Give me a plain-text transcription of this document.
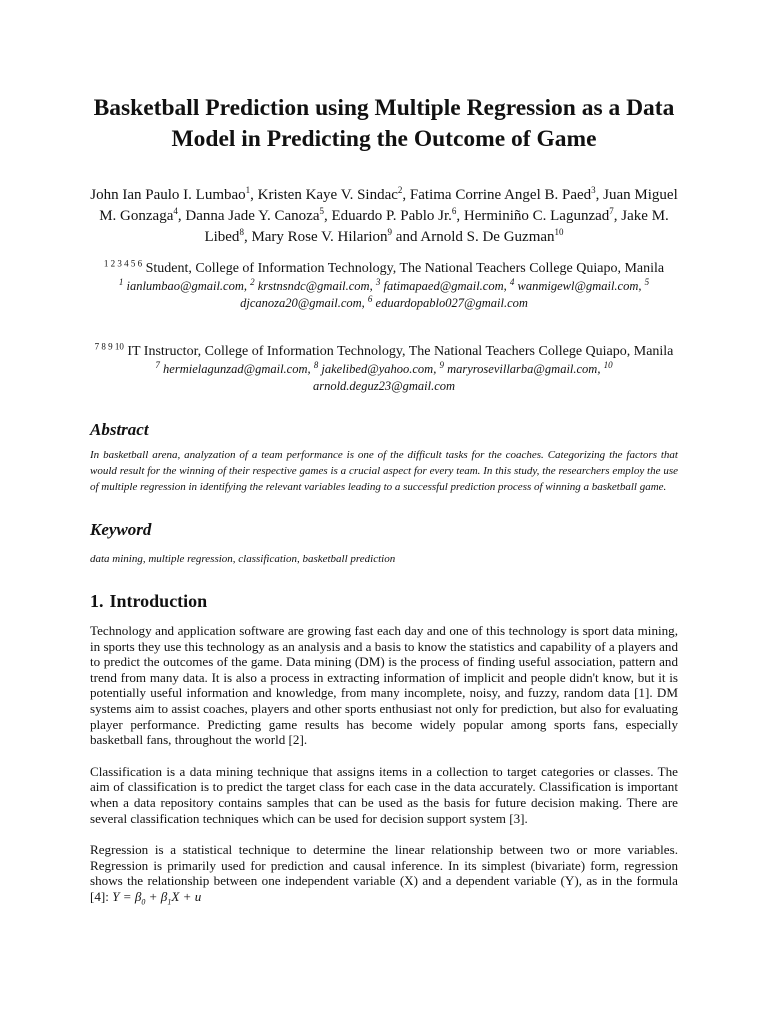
Basketball Prediction using Multiple Regression as a Data Model in Predicting the Outcome of Game
John Ian Paulo I. Lumbao$^1$, Kristen Kaye V. Sindac$^2$, Fatima Corrine Angel B. Paed$^3$, Juan Miguel M. Gonzaga$^4$, Danna Jade Y. Canoza$^5$, Eduardo P. Pablo Jr.$^6$, Herminiño C. Lagunzad$^7$, Jake M. Libed$^8$, Mary Rose V. Hilarion$^9$ and Arnold S. De Guzman$^{10}$
$^{1 2 3 4 5 6}$ Student, College of Information Technology, The National Teachers College Quiapo, Manila
$^1$ ianlumbao@gmail.com, $^2$ krstnsndc@gmail.com, $^3$ fatimapaed@gmail.com, $^4$ wanmigewl@gmail.com, $^5$ djcanoza20@gmail.com, $^6$ eduardopablo027@gmail.com
$^{7 8 9 10}$ IT Instructor, College of Information Technology, The National Teachers College Quiapo, Manila
$^7$ hermielagunzad@gmail.com, $^8$ jakelibed@yahoo.com, $^9$ maryrosevillarba@gmail.com, $^{10}$ arnold.deguz23@gmail.com
Abstract

In basketball arena, analyzation of a team performance is one of the difficult tasks for the coaches. Categorizing the factors that would result for the winning of their respective games is a crucial aspect for every team. In this study, the researchers employ the use of multiple regression in identifying the relevant variables leading to a successful prediction process of winning a basketball game.

Keyword

data mining, multiple regression, classification, basketball prediction

1. Introduction

Technology and application software are growing fast each day and one of this technology is sport data mining, in sports they use this technology as an analysis and a basis to know the statistics and capability of a players and to predict the outcomes of the game. Data mining (DM) is the process of finding useful association, pattern and trend from many data. It is also a process in extracting information of implicit and people didn't know, but it is potentially useful information and knowledge, from many incomplete, noisy, and fuzzy, random data [1]. DM systems aim to assist coaches, players and other sports enthusiast not only for prediction, but also for evaluating player performance. Predicting game results has become widely popular among sports fans, especially basketball fans, throughout the world [2].

Classification is a data mining technique that assigns items in a collection to target categories or classes. The aim of classification is to predict the target class for each case in the data accurately. Classification is important when a data repository contains samples that can be used as the basis for future decision making. There are several classification techniques which can be used for decision support system [3].

Regression is a statistical technique to determine the linear relationship between two or more variables. Regression is primarily used for prediction and causal inference. In its simplest (bivariate) form, regression shows the relationship between one independent variable (X) and a dependent variable (Y), as in the formula [4]: $Y = \beta_0 + \beta_1X + u$
